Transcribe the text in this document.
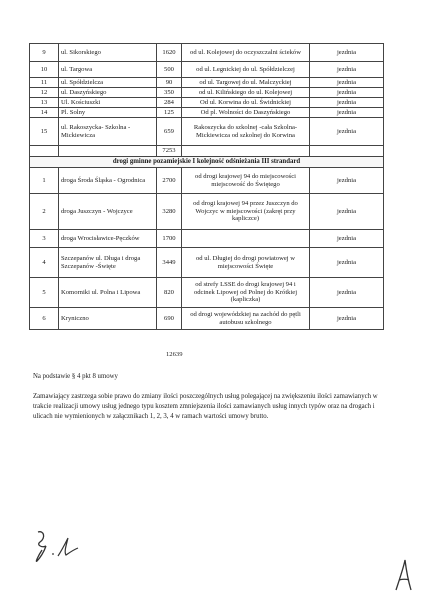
9	ul. Sikorskiego	1620	od ul. Kolejowej do oczyszczalni ścieków	jezdnia
10	ul. Targowa	500	od ul. Legnickiej do ul. Spółdzielczej	jezdnia
11	ul. Spółdzielcza	90	od ul. Targowej do ul. Malczyckiej	jezdnia
12	ul. Daszyńskiego	350	od ul. Kilińskiego do ul. Kolejowej	jezdnia
13	Ul. Kościuszki	284	Od ul. Korwina do ul. Świdnickiej	jezdnia
14	Pl. Solny	125	Od pl. Wolności do Daszyńskiego	jezdnia
15	ul. Rakoszycka- Szkolna - Mickiewicza	659	Rakoszycka do szkolnej -cała Szkolna- Mickiewicza od szkolnej do Korwina	jezdnia
		7253		
drogi gminne pozamiejskie I kolejność odśnieżania III strandard				
1	droga Środa Śląska - Ogrodnica	2700	od drogi krajowej 94 do miejscowości miejscowość do Świętego	jezdnia
2	droga Juszczyn - Wojczyce	3280	od drogi krajowej 94 przez Juszczyn do Wojczyc w miejscowości (zakręt przy kapliczce)	jezdnia
3	droga Wrocisławice-Pęczków	1700		jezdnia
4	Szczepanów ul. Długa i droga Szczepanów -Święte	3449	od ul. Długiej do drogi powiatowej w miejscowości Święte	jezdnia
5	Komorniki ul. Polna i Lipowa	820	od strefy LSSE do drogi krajowej 94 i odcinek Lipowej od Polnej do Krótkiej (kapliczka)	jezdnia
6	Kryniczno	690	od drogi wojewódzkiej na zachód do pętli autobusu szkolnego	jezdnia
12639
Na podstawie § 4 pkt 8 umowy
Zamawiający zastrzega sobie prawo do zmiany ilości poszczególnych usług polegającej na zwiększeniu ilości zamawianych w trakcie realizacji umowy usług jednego typu kosztem zmniejszenia ilości zamawianych usług innych typów oraz na drogach i ulicach nie wymienionych w załącznikach 1, 2, 3, 4 w ramach wartości umowy brutto.
